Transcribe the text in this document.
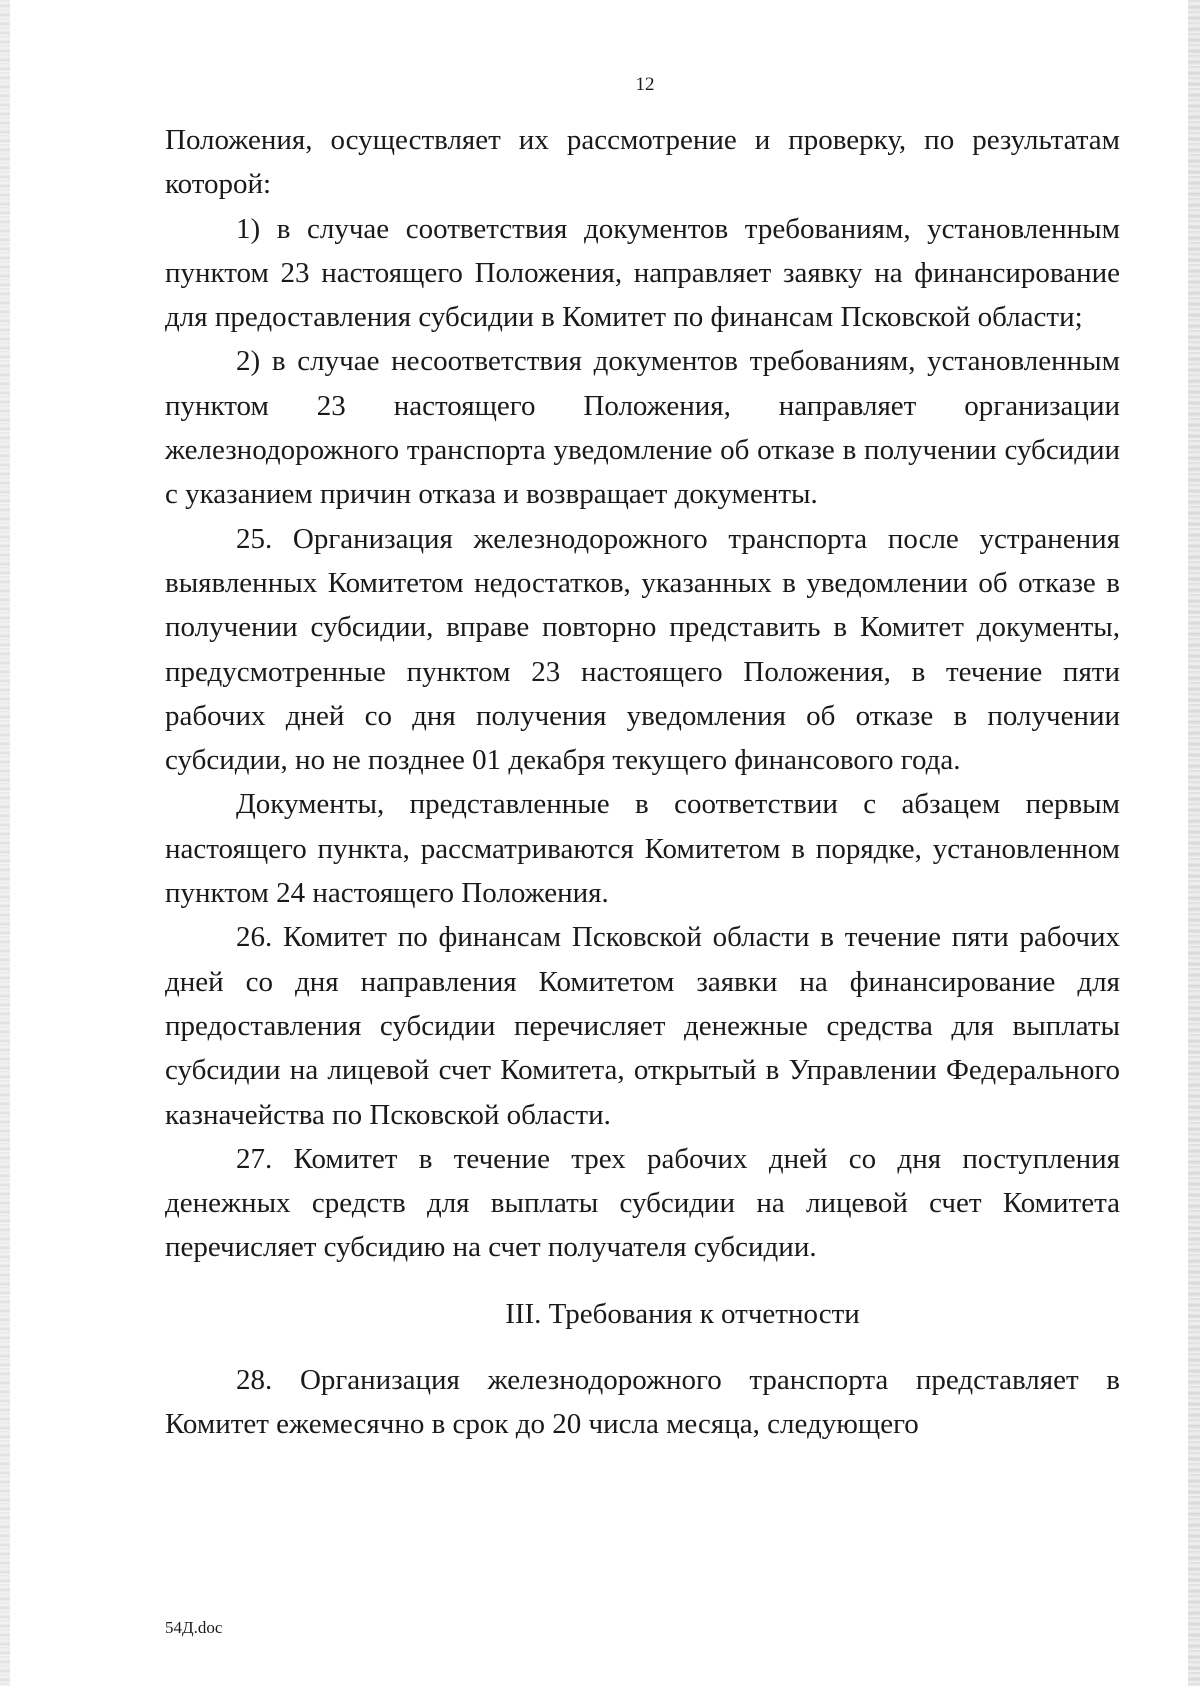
12

Положения, осуществляет их рассмотрение и проверку, по результатам которой:

1) в случае соответствия документов требованиям, установленным пунктом 23 настоящего Положения, направляет заявку на финансирование для предоставления субсидии в Комитет по финансам Псковской области;

2) в случае несоответствия документов требованиям, установленным пунктом 23 настоящего Положения, направляет организации железнодорожного транспорта уведомление об отказе в получении субсидии с указанием причин отказа и возвращает документы.

25. Организация железнодорожного транспорта после устранения выявленных Комитетом недостатков, указанных в уведомлении об отказе в получении субсидии, вправе повторно представить в Комитет документы, предусмотренные пунктом 23 настоящего Положения, в течение пяти рабочих дней со дня получения уведомления об отказе в получении субсидии, но не позднее 01 декабря текущего финансового года.

Документы, представленные в соответствии с абзацем первым настоящего пункта, рассматриваются Комитетом в порядке, установленном пунктом 24 настоящего Положения.

26. Комитет по финансам Псковской области в течение пяти рабочих дней со дня направления Комитетом заявки на финансирование для предоставления субсидии перечисляет денежные средства для выплаты субсидии на лицевой счет Комитета, открытый в Управлении Федерального казначейства по Псковской области.

27. Комитет в течение трех рабочих дней со дня поступления денежных средств для выплаты субсидии на лицевой счет Комитета перечисляет субсидию на счет получателя субсидии.

III. Требования к отчетности

28. Организация железнодорожного транспорта представляет в Комитет ежемесячно в срок до 20 числа месяца, следующего

54Д.doc
